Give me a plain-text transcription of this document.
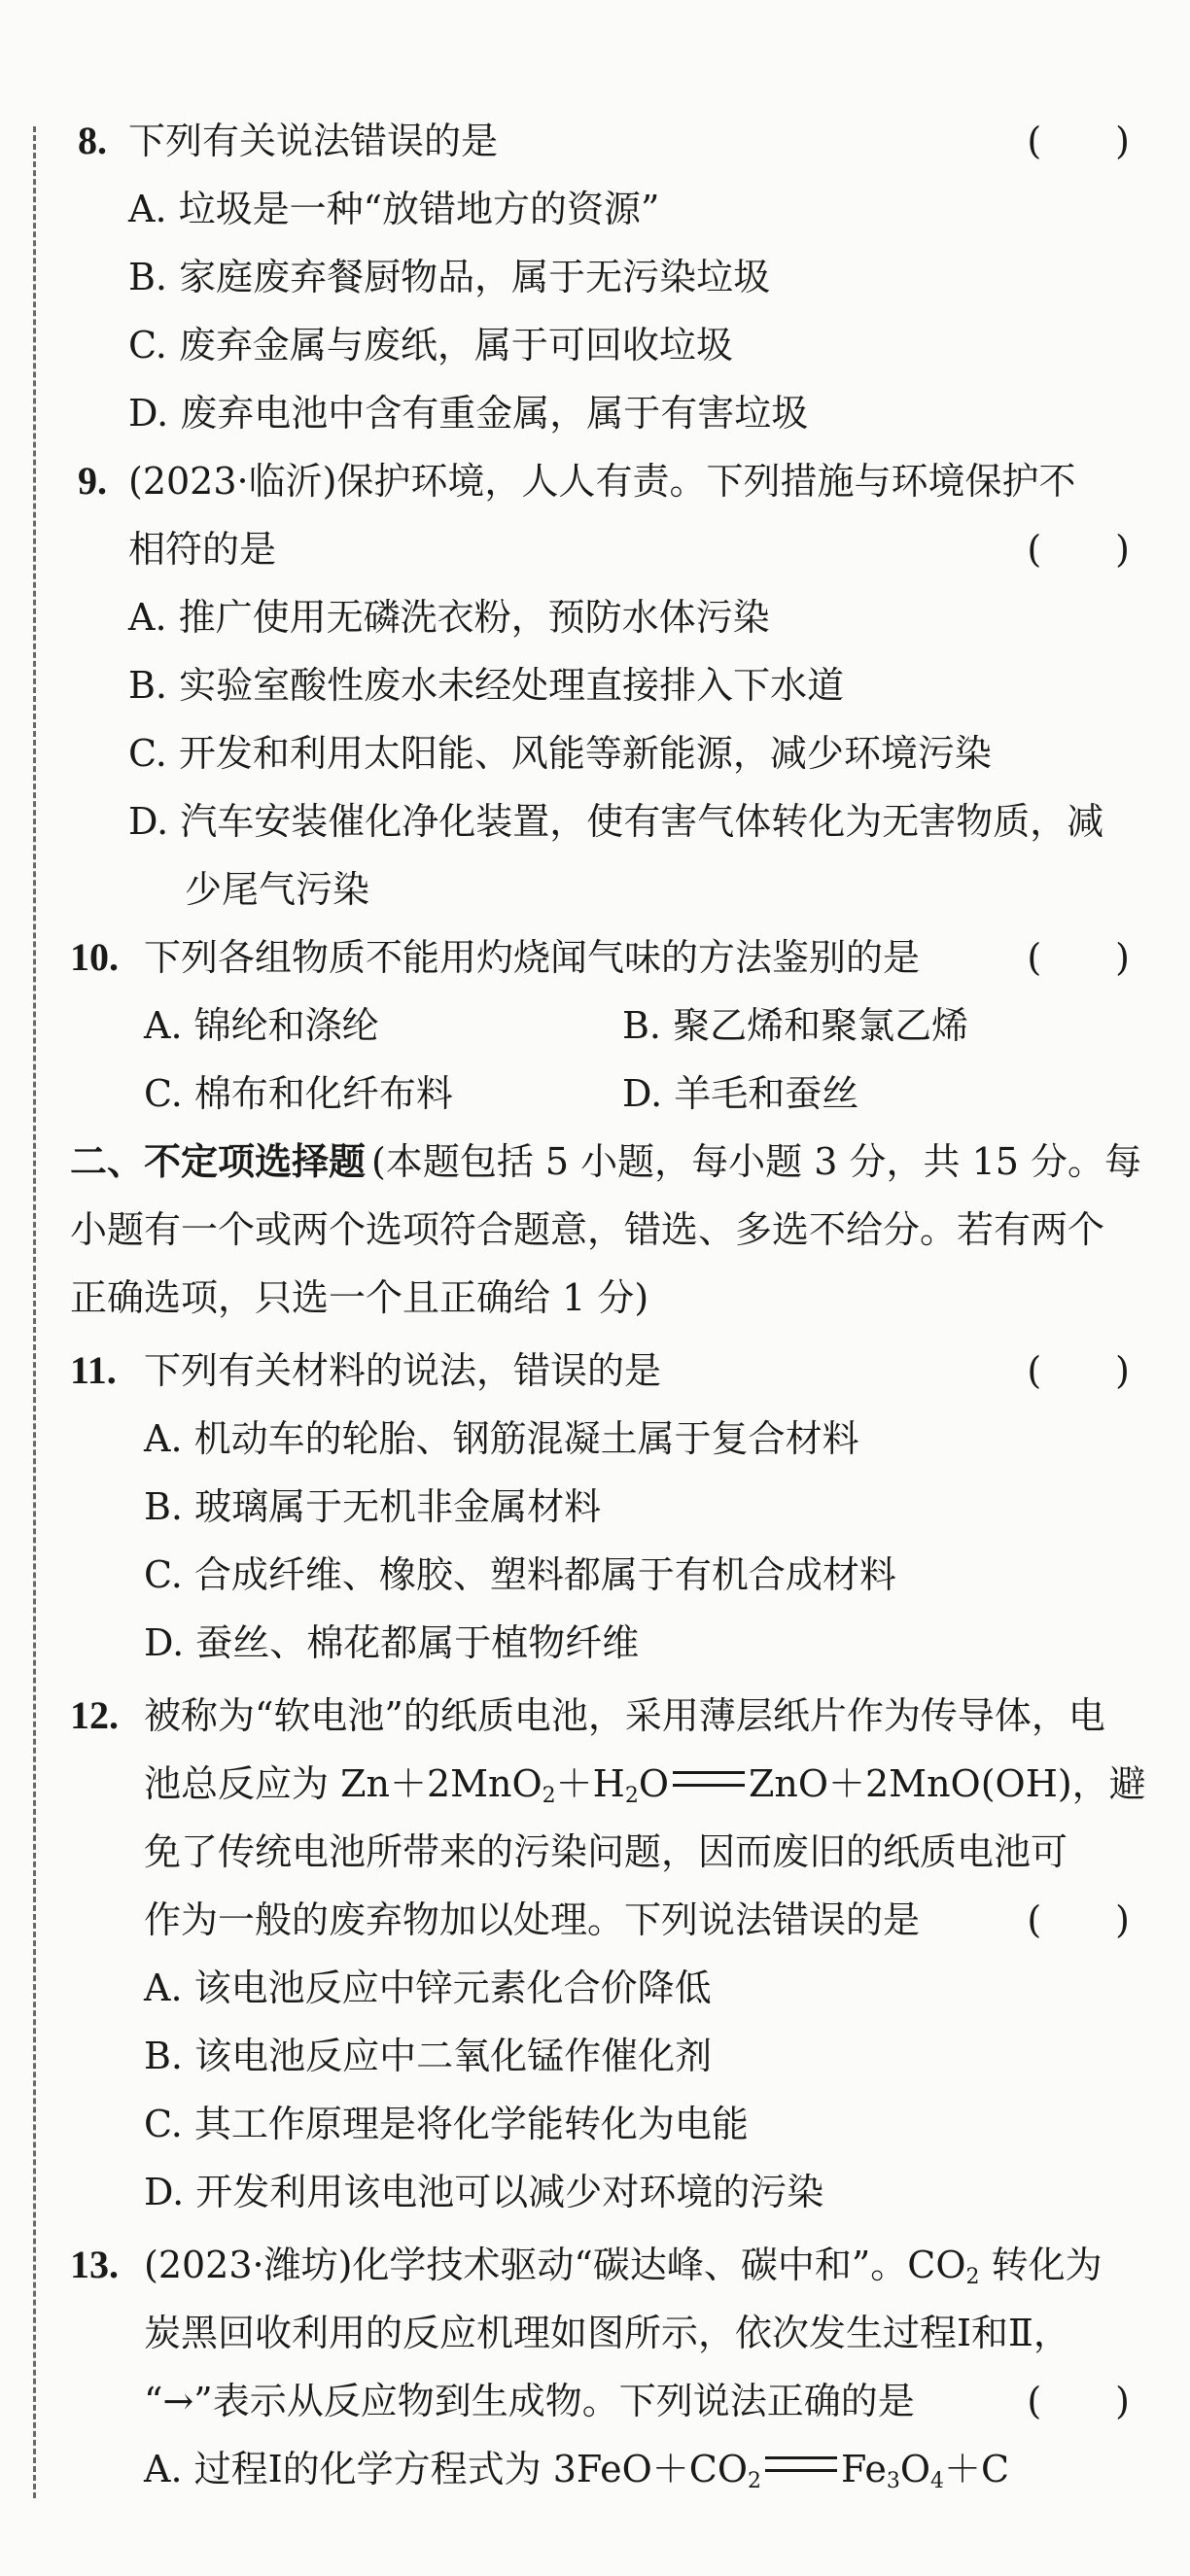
8. 下列有关说法错误的是	(　　)
A. 垃圾是一种“放错地方的资源”
B. 家庭废弃餐厨物品，属于无污染垃圾
C. 废弃金属与废纸，属于可回收垃圾
D. 废弃电池中含有重金属，属于有害垃圾
9. (2023·临沂)保护环境，人人有责。下列措施与环境保护不
相符的是	(　　)
A. 推广使用无磷洗衣粉，预防水体污染
B. 实验室酸性废水未经处理直接排入下水道
C. 开发和利用太阳能、风能等新能源，减少环境污染
D. 汽车安装催化净化装置，使有害气体转化为无害物质，减
少尾气污染
10. 下列各组物质不能用灼烧闻气味的方法鉴别的是	(　　)
A. 锦纶和涤纶	B. 聚乙烯和聚氯乙烯
C. 棉布和化纤布料	D. 羊毛和蚕丝
二、不定项选择题 (本题包括 5 小题，每小题 3 分，共 15 分。每
小题有一个或两个选项符合题意，错选、多选不给分。若有两个
正确选项，只选一个且正确给 1 分)
11. 下列有关材料的说法，错误的是	(　　)
A. 机动车的轮胎、钢筋混凝土属于复合材料
B. 玻璃属于无机非金属材料
C. 合成纤维、橡胶、塑料都属于有机合成材料
D. 蚕丝、棉花都属于植物纤维
12. 被称为“软电池”的纸质电池，采用薄层纸片作为传导体，电
池总反应为 $Zn+2MnO_2+H_2O$ ZnO＋2MnO(OH)，避
免了传统电池所带来的污染问题，因而废旧的纸质电池可
作为一般的废弃物加以处理。下列说法错误的是	(　　)
A. 该电池反应中锌元素化合价降低
B. 该电池反应中二氧化锰作催化剂
C. 其工作原理是将化学能转化为电能
D. 开发利用该电池可以减少对环境的污染
13. (2023·潍坊)化学技术驱动“碳达峰、碳中和”。$CO_2$ 转化为
炭黑回收利用的反应机理如图所示，依次发生过程Ⅰ和Ⅱ，
“→”表示从反应物到生成物。下列说法正确的是	(　　)
A. 过程Ⅰ的化学方程式为 $3FeO+CO_2$ $Fe_3O_4+C$
